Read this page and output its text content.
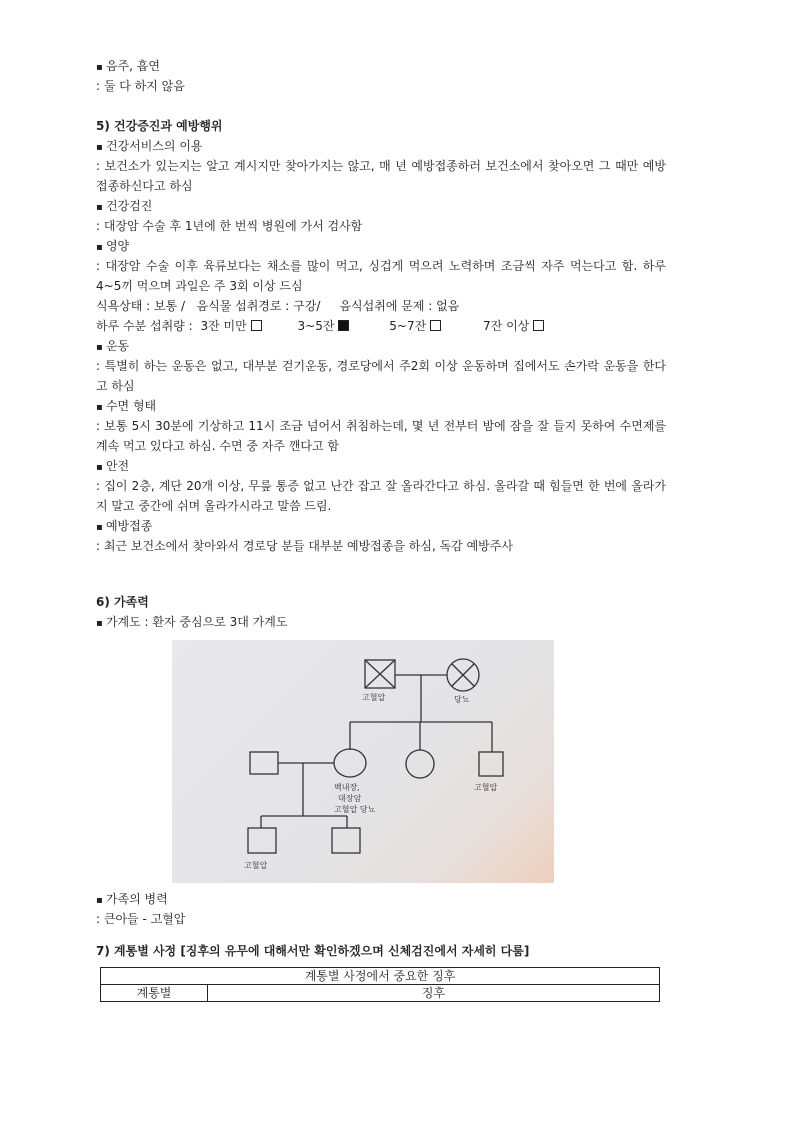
▪ 음주, 흡연
: 둘 다 하지 않음
5) 건강증진과 예방행위
▪ 건강서비스의 이용
: 보건소가 있는지는 알고 계시지만 찾아가지는 않고, 매 년 예방접종하러 보건소에서 찾아오면 그 때만 예방접종하신다고 하심
▪ 건강검진
: 대장암 수술 후 1년에 한 번씩 병원에 가서 검사함
▪ 영양
: 대장암 수술 이후 육류보다는 채소를 많이 먹고, 싱겁게 먹으려 노력하며 조금씩 자주 먹는다고 함. 하루 4~5끼 먹으며 과일은 주 3회 이상 드심
식욕상태 : 보통 /   음식물 섭취경로 : 구강/     음식섭취에 문제 : 없음
하루 수분 섭취량 : 3잔 미만	3~5잔	5~7잔	7잔 이상
▪ 운동
: 특별히 하는 운동은 없고, 대부분 걷기운동, 경로당에서 주2회 이상 운동하며 집에서도 손가락 운동을 한다고 하심
▪ 수면 형태
: 보통 5시 30분에 기상하고 11시 조금 넘어서 취침하는데, 몇 년 전부터 밤에 잠을 잘 들지 못하여 수면제를 계속 먹고 있다고 하심. 수면 중 자주 깬다고 함
▪ 안전
: 집이 2층, 계단 20개 이상, 무릎 통증 없고 난간 잡고 잘 올라간다고 하심. 올라갈 때 힘들면 한 번에 올라가지 말고 중간에 쉬며 올라가시라고 말씀 드림.
▪ 예방접종
: 최근 보건소에서 찾아와서 경로당 분들 대부분 예방접종을 하심, 독감 예방주사
6) 가족력
▪ 가계도 : 환자 중심으로 3대 가계도
고혈압	당뇨
백내장,
대장암
고혈압 당뇨
고혈압
고혈압
▪ 가족의 병력
: 큰아들 - 고혈압
7) 계통별 사정 [징후의 유무에 대해서만 확인하겠으며 신체검진에서 자세히 다룸]
계통별 사정에서 중요한 징후
계통별	징후
